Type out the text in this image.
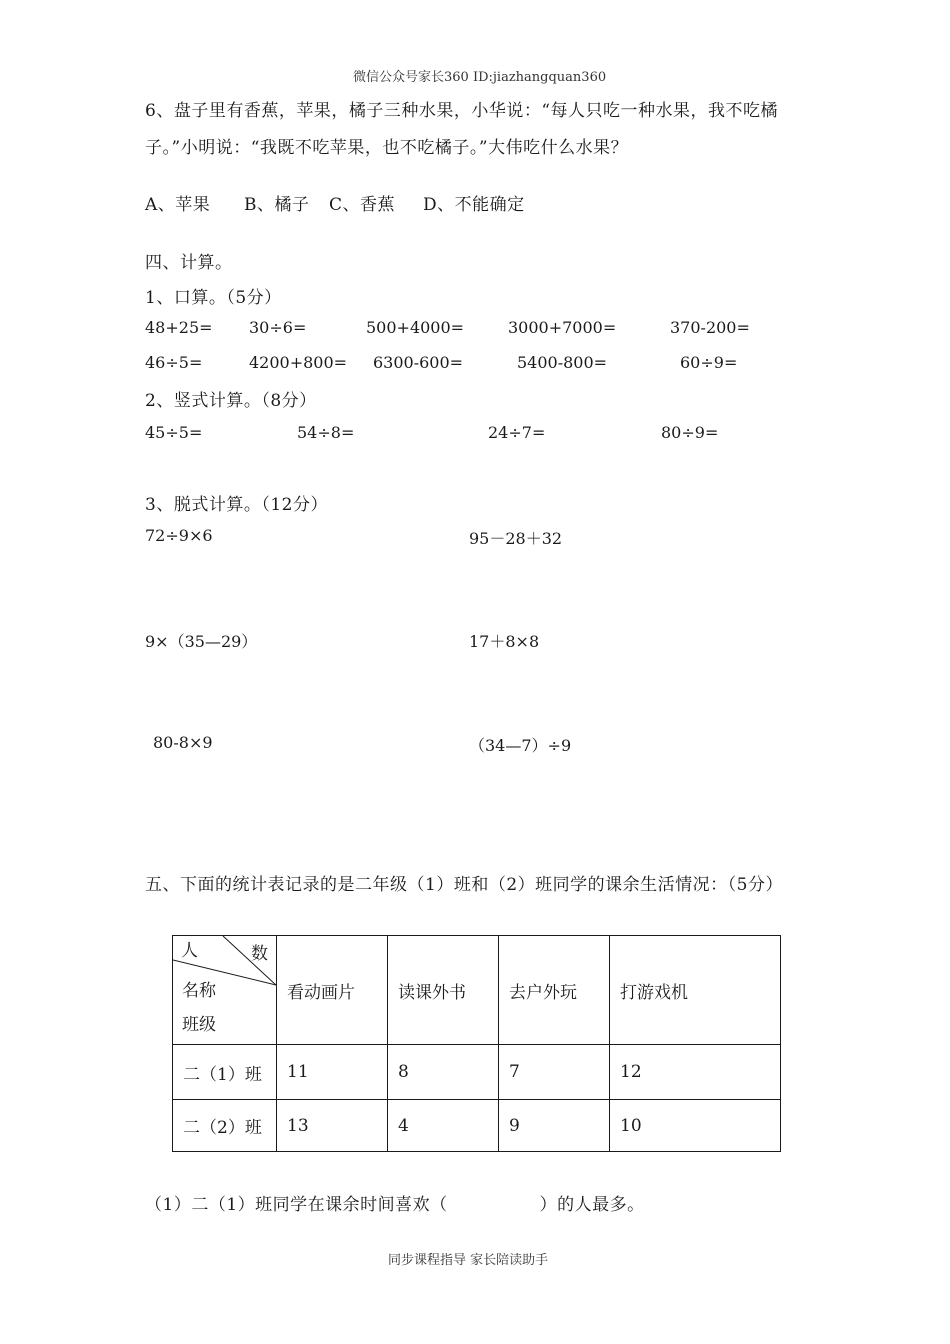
微信公众号家长360 ID:jiazhangquan360
6、盘子里有香蕉，苹果，橘子三种水果，小华说：“每人只吃一种水果，我不吃橘
子。”小明说：“我既不吃苹果，也不吃橘子。”大伟吃什么水果？
A、苹果 B、橘子 C、香蕉 D、不能确定
四、计算。
1、口算。（5分）
48+25= 30÷6=	500+4000=	3000+7000=	370-200=
46÷5=	4200+800= 6300-600=	5400-800=	60÷9=
2、竖式计算。（8分）
45÷5=	54÷8=	24÷7=	80÷9=
3、脱式计算。（12分）
72÷9×6	95－28＋32
9×（35—29）	17＋8×8
80-8×9	（34—7）÷9
五、下面的统计表记录的是二年级（1）班和（2）班同学的课余生活情况：（5分）
人 数
名称
班级	看动画片	读课外书	去户外玩	打游戏机
二（1）班	11	8	7	12
二（2）班	13	4	9	10
（1）二（1）班同学在课余时间喜欢（	）的人最多。
同步课程指导 家长陪读助手
